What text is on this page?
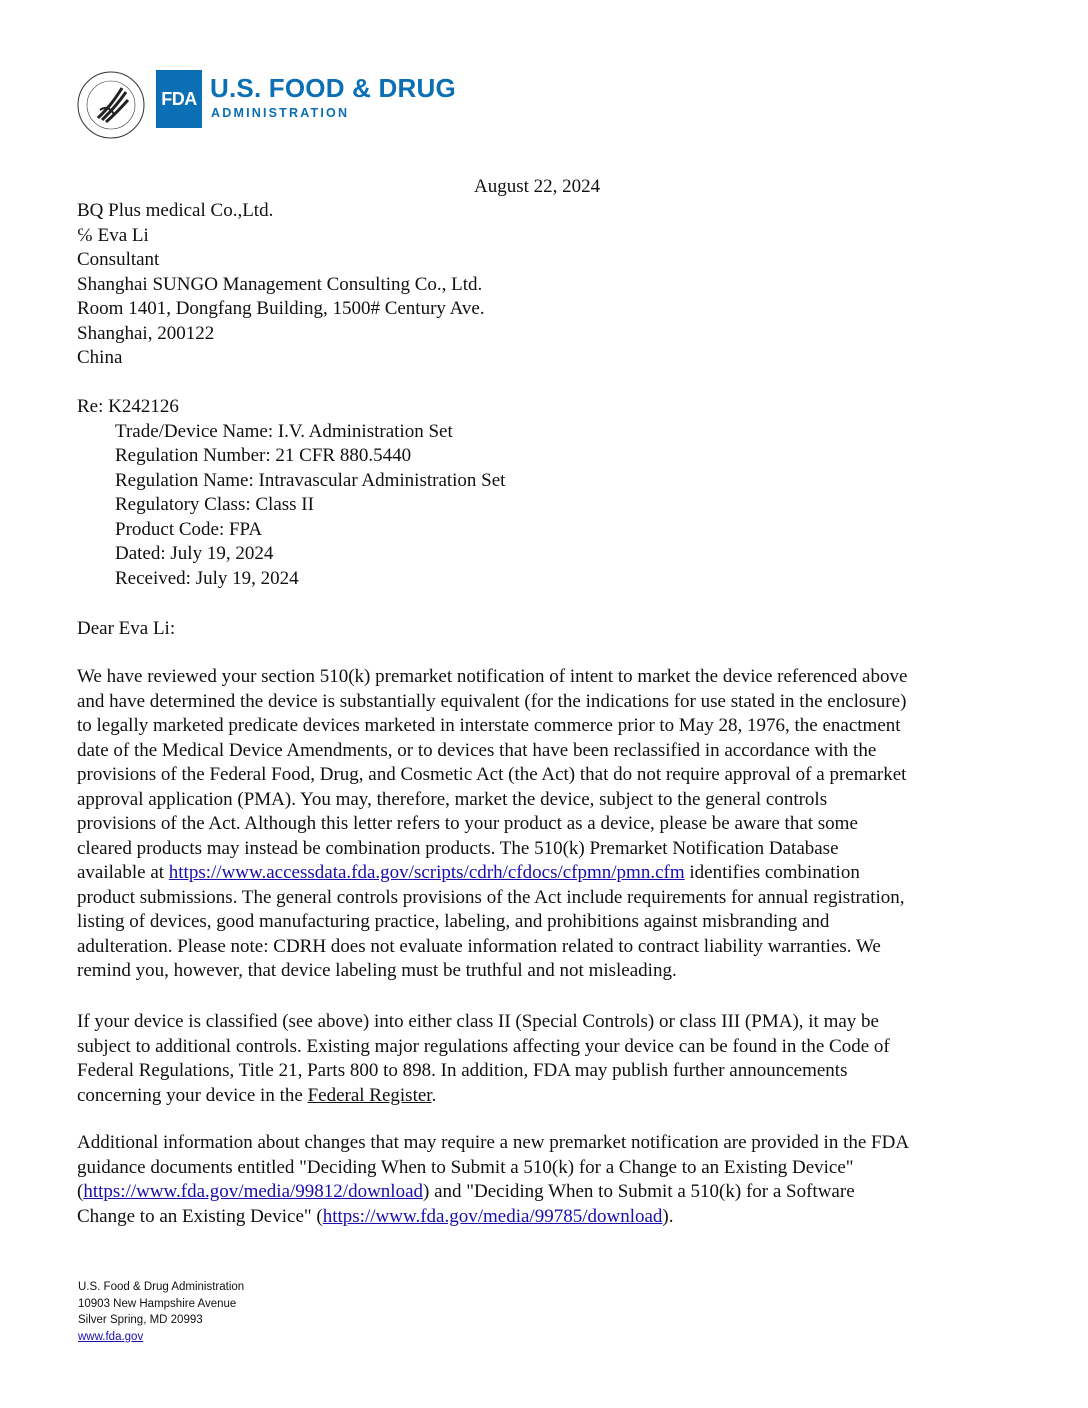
FDA U.S. FOOD & DRUG
ADMINISTRATION
August 22, 2024
BQ Plus medical Co.,Ltd.
℅ Eva Li
Consultant
Shanghai SUNGO Management Consulting Co., Ltd.
Room 1401, Dongfang Building, 1500# Century Ave.
Shanghai, 200122
China
Re: K242126
Trade/Device Name: I.V. Administration Set
Regulation Number: 21 CFR 880.5440
Regulation Name: Intravascular Administration Set
Regulatory Class: Class II
Product Code: FPA
Dated: July 19, 2024
Received: July 19, 2024
Dear Eva Li:
We have reviewed your section 510(k) premarket notification of intent to market the device referenced above
and have determined the device is substantially equivalent (for the indications for use stated in the enclosure)
to legally marketed predicate devices marketed in interstate commerce prior to May 28, 1976, the enactment
date of the Medical Device Amendments, or to devices that have been reclassified in accordance with the
provisions of the Federal Food, Drug, and Cosmetic Act (the Act) that do not require approval of a premarket
approval application (PMA). You may, therefore, market the device, subject to the general controls
provisions of the Act. Although this letter refers to your product as a device, please be aware that some
cleared products may instead be combination products. The 510(k) Premarket Notification Database
available at https://www.accessdata.fda.gov/scripts/cdrh/cfdocs/cfpmn/pmn.cfm identifies combination
product submissions. The general controls provisions of the Act include requirements for annual registration,
listing of devices, good manufacturing practice, labeling, and prohibitions against misbranding and
adulteration. Please note: CDRH does not evaluate information related to contract liability warranties. We
remind you, however, that device labeling must be truthful and not misleading.
If your device is classified (see above) into either class II (Special Controls) or class III (PMA), it may be
subject to additional controls. Existing major regulations affecting your device can be found in the Code of
Federal Regulations, Title 21, Parts 800 to 898. In addition, FDA may publish further announcements
concerning your device in the Federal Register.
Additional information about changes that may require a new premarket notification are provided in the FDA
guidance documents entitled "Deciding When to Submit a 510(k) for a Change to an Existing Device"
(https://www.fda.gov/media/99812/download) and "Deciding When to Submit a 510(k) for a Software
Change to an Existing Device" (https://www.fda.gov/media/99785/download).
U.S. Food & Drug Administration
10903 New Hampshire Avenue
Silver Spring, MD 20993
www.fda.gov
